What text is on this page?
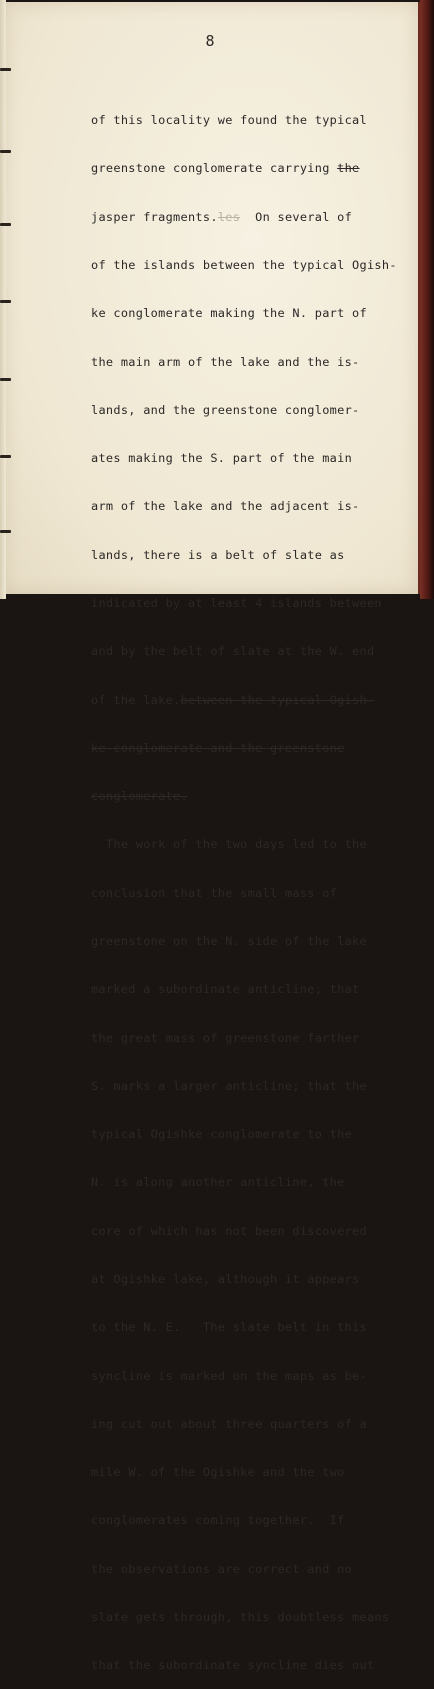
8

of this locality we found the typical

greenstone conglomerate carrying the

jasper fragments.les  On several of

of the islands between the typical Ogish-

ke conglomerate making the N. part of

the main arm of the lake and the is-

lands, and the greenstone conglomer-

ates making the S. part of the main

arm of the lake and the adjacent is-

lands, there is a belt of slate as

indicated by at least 4 islands between

and by the belt of slate at the W. end

of the lake.between the typical Ogish-

ke conglomerate and the greenstone

conglomerate.

The work of the two days led to the

conclusion that the small mass of

greenstone on the N. side of the lake

marked a subordinate anticline; that

the great mass of greenstone farther

S. marks a larger anticline; that the

typical Ogishke conglomerate to the

N. is along another anticline, the

core of which has not been discovered

at Ogishke lake, although it appears

to the N. E.   The slate belt in this

syncline is marked on the maps as be-

ing cut out about three quarters of a

mile W. of the Ogishke and the two

conglomerates coming together.  If

the observations are correct and no

slate gets through, this doubtless means

that the subordinate syncline dies out
